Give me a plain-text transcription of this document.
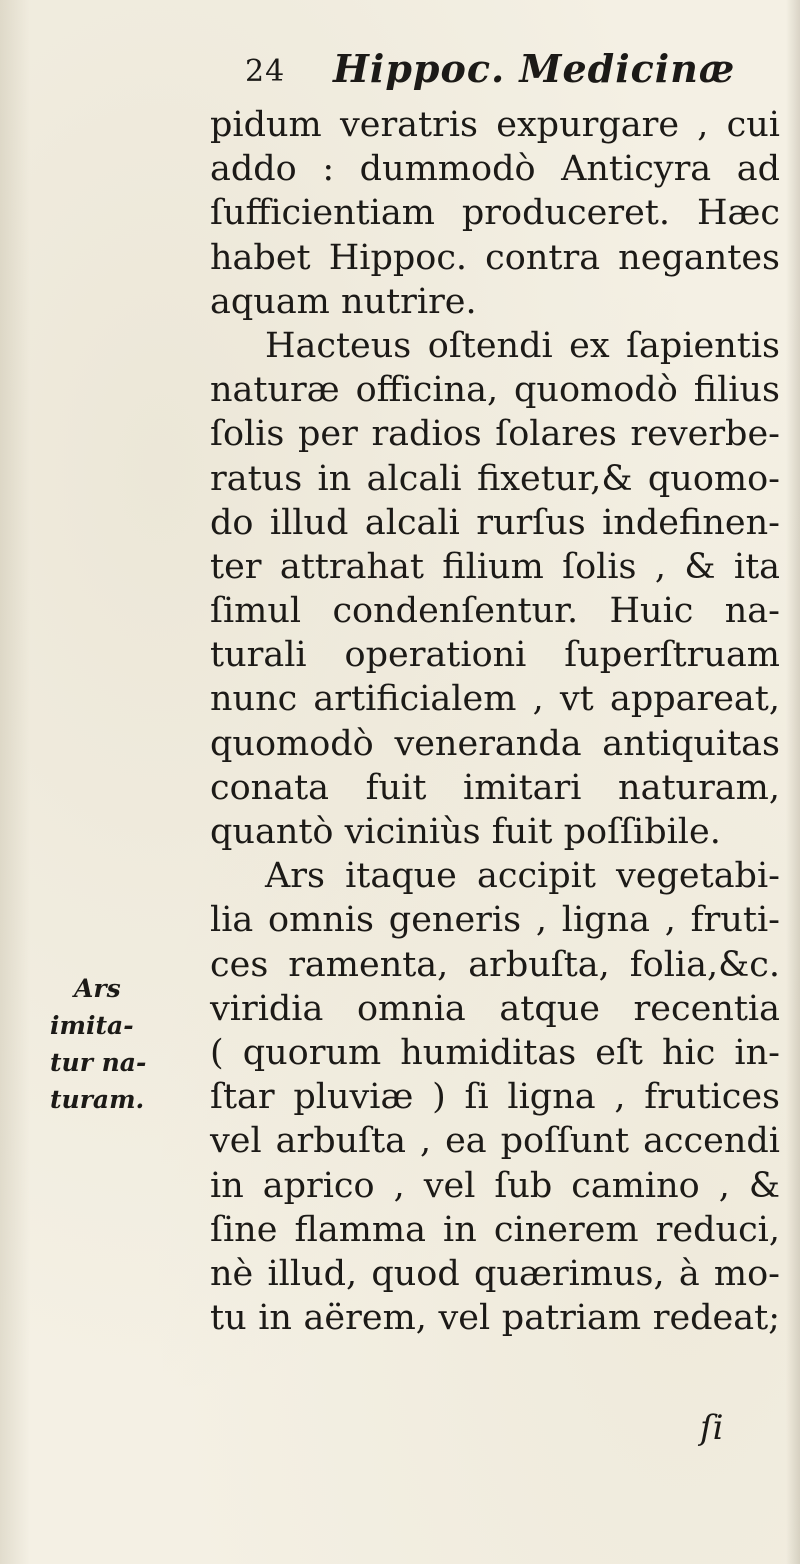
24 Hippoc. Medicinæ
Ars
imita-
tur na-
turam.
pidum veratris expurgare , cui
addo : dummodò Anticyra ad
ſufficientiam produceret. Hæc
habet Hippoc. contra negantes
aquam nutrire.
Hacteus oſtendi ex ſapientis
naturæ officina, quomodò filius
ſolis per radios ſolares reverbe-
ratus in alcali fixetur,& quomo-
do illud alcali rurſus indefinen-
ter attrahat filium ſolis , & ita
ſimul condenſentur. Huic na-
turali operationi ſuperſtruam
nunc artificialem , vt appareat,
quomodò veneranda antiquitas
conata fuit imitari naturam,
quantò viciniùs fuit poſſibile.
Ars itaque accipit vegetabi-
lia omnis generis , ligna , fruti-
ces ramenta, arbuſta, folia,&c.
viridia omnia atque recentia
( quorum humiditas eſt hic in-
ſtar pluviæ ) ſi ligna , frutices
vel arbuſta , ea poſſunt accendi
in aprico , vel ſub camino , &
ſine flamma in cinerem reduci,
nè illud, quod quærimus, à mo-
tu in aërem, vel patriam redeat;
ſi
